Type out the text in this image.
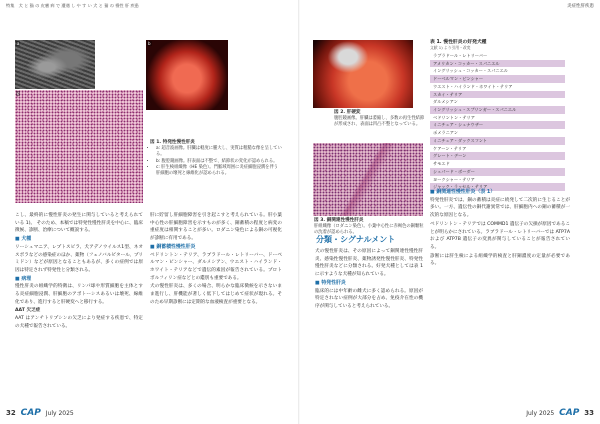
特集　犬 と 猫 の 皮膚 病 で 遭遇 し や す い 犬 と 猫 の 慢性 肝 疾患
a	b
c
図 1. 特発性慢性肝炎
• a: 超音波画像。肝臓は軽度に腫大し、実質は粗糙な像を呈している。
• b: 腹腔鏡画像。肝表面は不整で、結節状の変化が認められる。
• c: 肝生検組織像（HE 染色）。門脈域周囲に炎症細胞浸潤を伴う肝細胞の壊死と線維化が認められる。

こし、最終的に慢性肝炎の発生に関与していると考えられている 1)。 そのため、本稿では特発性慢性肝炎を中心に、臨床徴候、診断、治療について概説する。

■ 犬種

リーシュマニア、レプトスピラ、犬アデノウイルス1型、ネオスポラなどの感染症のほか、薬物（フェノバルビタール、プリミドン）などが原因となることもあるが、多くの症例では原因は特定されず特発性と分類される。

■ 病理

慢性肝炎の組織学的特徴は、リンパ球や形質細胞を主体とする炎症細胞浸潤、肝細胞のアポトーシスあるいは壊死、線維化であり、進行すると肝硬変へと移行する。

AAT 欠乏症

AAT はアンチトリプシンの欠乏により発症する疾患で、特定の犬種で報告されている。

肝に貯留し肝細胞障害を引き起こすと考えられている。肝小葉中心性の肝細胞障害を示すものが多く、銅蓄積の程度と病変の重症度は相関することが多い。ロダニン染色による銅の可視化が診断に有用である。

■ 銅蓄積性慢性肝炎

ベドリントン・テリア、ラブラドール・レトリーバー、ドーベルマン・ピンシャー、ダルメシアン、ウエスト・ハイランド・ホワイト・テリアなどで遺伝的素因が報告されている。プロトポルフィリン症などとの鑑別も重要である。

犬の慢性肝炎は、多くの場合、明らかな臨床徴候を示さないまま進行し、肝機能が著しく低下してはじめて症状が現れる。そのため早期診断には定期的な血液検査が重要となる。

32 CAP July 2025
炎症性肝疾患
図 2. 肝硬変
腹腔鏡画像。肝臓は萎縮し、多数の再生性結節が形成され、表面は凹凸不整となっている。
図 3. 銅関連性慢性肝炎
肝組織像（ロダニン染色）。小葉中心性に赤褐色の銅顆粒の沈着が認められる。
表 1. 慢性肝炎の好発犬種
文献 1) より引用・改変
ラブラドール・レトリーバー
アメリカン・コッカー・スパニエル
イングリッシュ・コッカー・スパニエル
ドーベルマン・ピンシャー
ウエスト・ハイランド・ホワイト・テリア
スカイ・テリア
ダルメシアン
イングリッシュ・スプリンガー・スパニエル
ベドリントン・テリア
ミニチュア・シュナウザー
ポメラニアン
ミニチュア・ダックスフント
ケアーン・テリア
グレート・デーン
サモエド
シェパード・ボーダー
ヨークシャー・テリア
ジャック・ラッセル・テリア
分類・シグナルメント

犬の慢性肝炎は、その原因によって銅関連性慢性肝炎、感染性慢性肝炎、薬物誘発性慢性肝炎、特発性慢性肝炎などに分類される。好発犬種としては表 1 に示すような犬種が知られている。

■ 特発性肝炎

臨床的には中年齢の雌犬に多く認められる。原因が特定されない症例が大部分を占め、免疫介在性の機序が関与していると考えられている。

■ 銅関連性慢性肝炎（表 1）

特発性肝炎では、銅の蓄積は炎症に続発して二次的に生じることが多い。一方、遺伝性の銅代謝異常では、肝細胞内への銅の蓄積が一次的な原因となる。

ベドリントン・テリアでは COMMD1 遺伝子の欠損が原因であることが明らかにされている。ラブラドール・レトリーバーでは ATP7A および ATP7B 遺伝子の変異が関与していることが報告されている。

診断には肝生検による組織学的検査と肝銅濃度の定量が必要である。

July 2025 CAP 33
